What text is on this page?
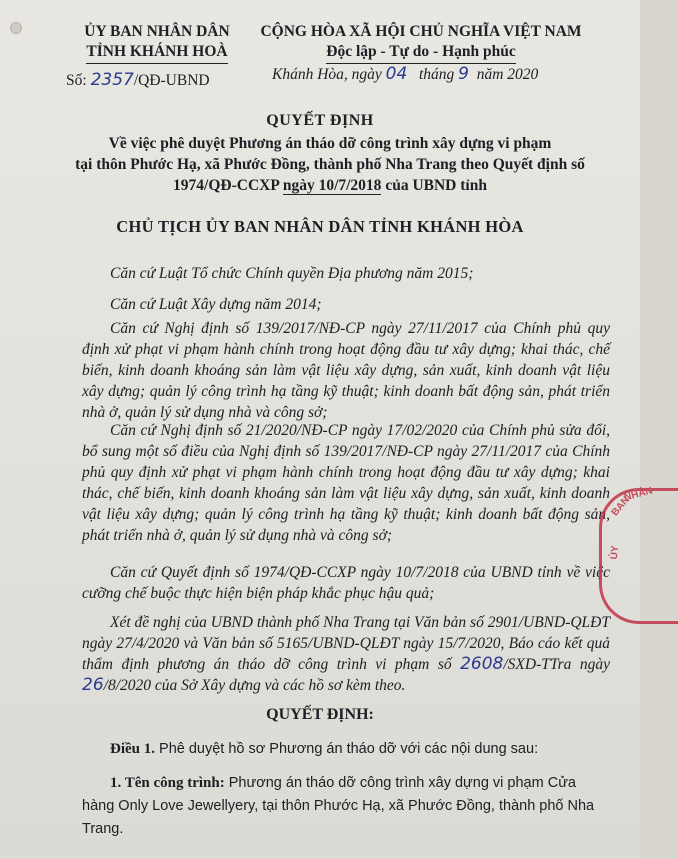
ỦY BAN NHÂN DÂN
TỈNH KHÁNH HOÀ
Số: 2357/QĐ-UBND
CỘNG HÒA XÃ HỘI CHỦ NGHĨA VIỆT NAM
Độc lập - Tự do - Hạnh phúc
Khánh Hòa, ngày 04 tháng 9 năm 2020
QUYẾT ĐỊNH
Về việc phê duyệt Phương án tháo dỡ công trình xây dựng vi phạm
tại thôn Phước Hạ, xã Phước Đồng, thành phố Nha Trang theo Quyết định số
1974/QĐ-CCXP ngày 10/7/2018 của UBND tỉnh
CHỦ TỊCH ỦY BAN NHÂN DÂN TỈNH KHÁNH HÒA
Căn cứ Luật Tổ chức Chính quyền Địa phương năm 2015;
Căn cứ Luật Xây dựng năm 2014;
Căn cứ Nghị định số 139/2017/NĐ-CP ngày 27/11/2017 của Chính phủ quy định xử phạt vi phạm hành chính trong hoạt động đầu tư xây dựng; khai thác, chế biến, kinh doanh khoáng sản làm vật liệu xây dựng, sản xuất, kinh doanh vật liệu xây dựng; quản lý công trình hạ tầng kỹ thuật; kinh doanh bất động sản, phát triển nhà ở, quản lý sử dụng nhà và công sở;
Căn cứ Nghị định số 21/2020/NĐ-CP ngày 17/02/2020 của Chính phủ sửa đổi, bổ sung một số điều của Nghị định số 139/2017/NĐ-CP ngày 27/11/2017 của Chính phủ quy định xử phạt vi phạm hành chính trong hoạt động đầu tư xây dựng; khai thác, chế biến, kinh doanh khoáng sản làm vật liệu xây dựng, sản xuất, kinh doanh vật liệu xây dựng; quản lý công trình hạ tầng kỹ thuật; kinh doanh bất động sản, phát triển nhà ở, quản lý sử dụng nhà và công sở;
Căn cứ Quyết định số 1974/QĐ-CCXP ngày 10/7/2018 của UBND tỉnh về việc cưỡng chế buộc thực hiện biện pháp khắc phục hậu quả;
Xét đề nghị của UBND thành phố Nha Trang tại Văn bản số 2901/UBND-QLĐT ngày 27/4/2020 và Văn bản số 5165/UBND-QLĐT ngày 15/7/2020, Báo cáo kết quả thẩm định phương án tháo dỡ công trình vi phạm số 2608/SXD-TTra ngày 26/8/2020 của Sở Xây dựng và các hồ sơ kèm theo.
QUYẾT ĐỊNH:
Điều 1. Phê duyệt hồ sơ Phương án tháo dỡ với các nội dung sau:
1. Tên công trình: Phương án tháo dỡ công trình xây dựng vi phạm Cửa hàng Only Love Jewellyery, tại thôn Phước Hạ, xã Phước Đồng, thành phố Nha Trang.
BAN
NHÂN
ỦY
